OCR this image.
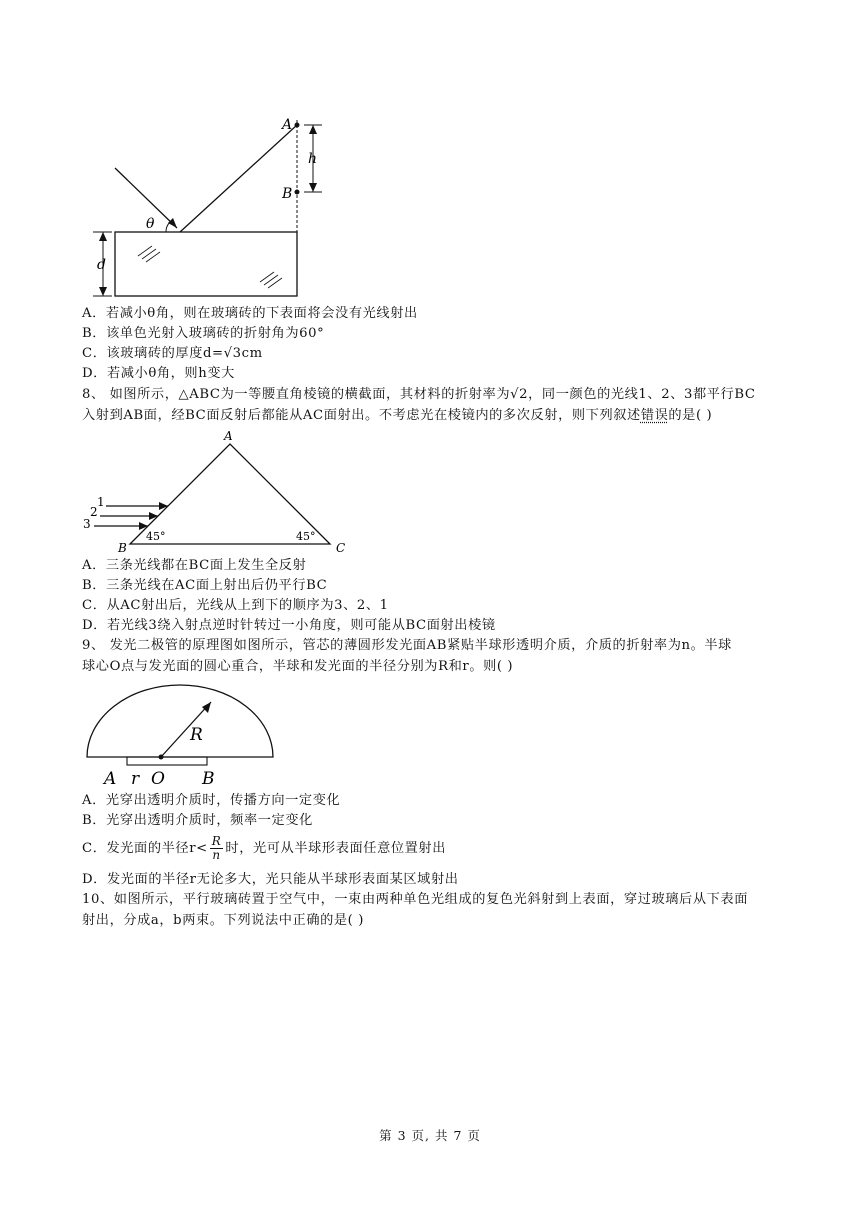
θ
A
B
h
d
A．若减小θ角，则在玻璃砖的下表面将会没有光线射出
B．该单色光射入玻璃砖的折射角为60°
C．该玻璃砖的厚度d=√3cm
D．若减小θ角，则h变大
8、 如图所示，△ABC为一等腰直角棱镜的横截面，其材料的折射率为√2，同一颜色的光线1、2、3都平行BC
入射到AB面，经BC面反射后都能从AC面射出。不考虑光在棱镜内的多次反射，则下列叙述错误的是( )
A
B	C
45°	45°
1
2
3
A．三条光线都在BC面上发生全反射
B．三条光线在AC面上射出后仍平行BC
C．从AC射出后，光线从上到下的顺序为3、2、1
D．若光线3绕入射点逆时针转过一小角度，则可能从BC面射出棱镜
9、 发光二极管的原理图如图所示，管芯的薄圆形发光面AB紧贴半球形透明介质，介质的折射率为n。半球
球心O点与发光面的圆心重合，半球和发光面的半径分别为R和r。则( )
R
A r O B
A．光穿出透明介质时，传播方向一定变化
B．光穿出透明介质时，频率一定变化
C．发光面的半径$r< \frac{R}{n}$ 时，光可从半球形表面任意位置射出
D．发光面的半径r无论多大，光只能从半球形表面某区域射出
10、如图所示，平行玻璃砖置于空气中，一束由两种单色光组成的复色光斜射到上表面，穿过玻璃后从下表面
射出，分成a，b两束。下列说法中正确的是( )
第 3 页, 共 7 页
